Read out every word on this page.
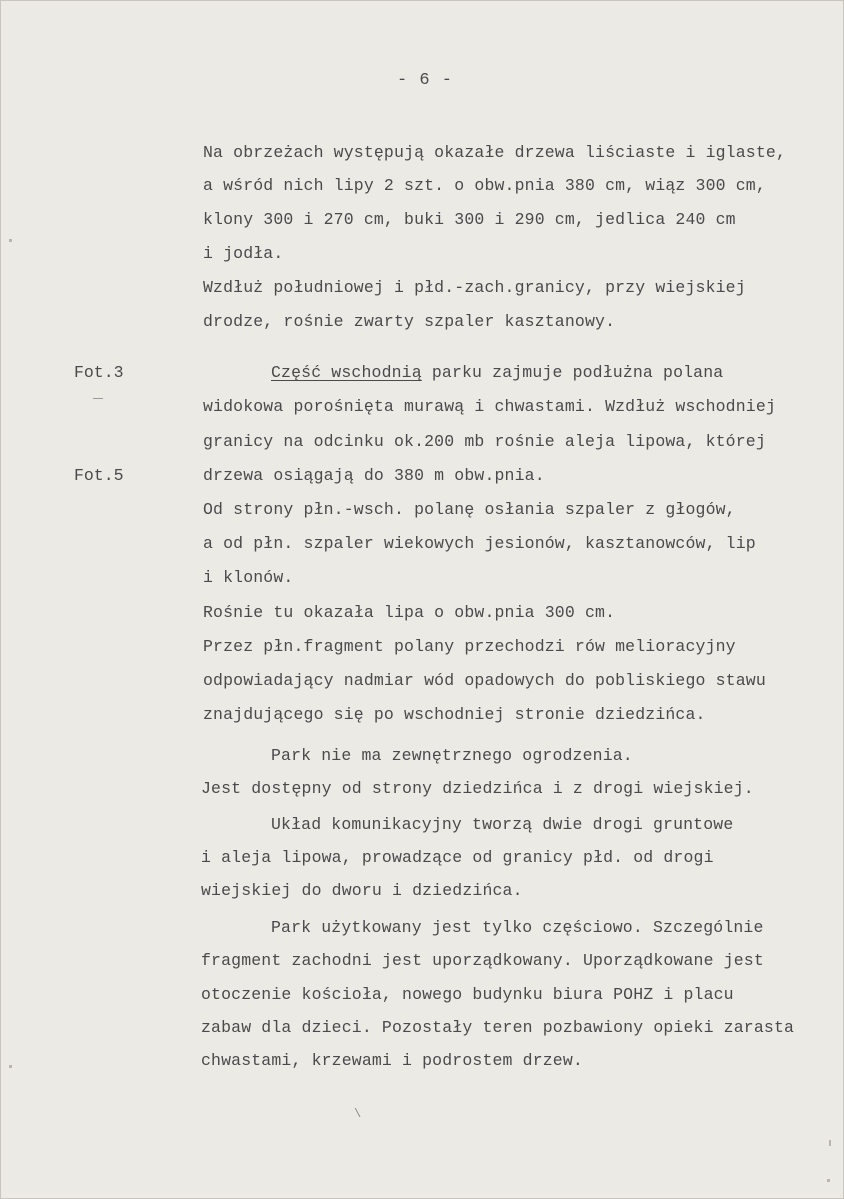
- 6 -
Fot.3
Fot.5
Na obrzeżach występują okazałe drzewa liściaste i iglaste,
a wśród nich lipy 2 szt. o obw.pnia 380 cm, wiąz 300 cm,
klony 300 i 270 cm, buki 300 i 290 cm, jedlica 240 cm
i jodła.
Wzdłuż południowej i płd.-zach.granicy, przy wiejskiej
drodze, rośnie zwarty szpaler kasztanowy.
Część wschodnią parku zajmuje podłużna polana
widokowa porośnięta murawą i chwastami. Wzdłuż wschodniej
granicy na odcinku ok.200 mb rośnie aleja lipowa, której
drzewa osiągają do 380 m obw.pnia.
Od strony płn.-wsch. polanę osłania szpaler z głogów,
a od płn. szpaler wiekowych jesionów, kasztanowców, lip
i klonów.
Rośnie tu okazała lipa o obw.pnia 300 cm.
Przez płn.fragment polany przechodzi rów melioracyjny
odpowiadający nadmiar wód opadowych do pobliskiego stawu
znajdującego się po wschodniej stronie dziedzińca.
Park nie ma zewnętrznego ogrodzenia.
Jest dostępny od strony dziedzińca i z drogi wiejskiej.
Układ komunikacyjny tworzą dwie drogi gruntowe
i aleja lipowa, prowadzące od granicy płd. od drogi
wiejskiej do dworu i dziedzińca.
Park użytkowany jest tylko częściowo. Szczególnie
fragment zachodni jest uporządkowany. Uporządkowane jest
otoczenie kościoła, nowego budynku biura POHZ i placu
zabaw dla dzieci. Pozostały teren pozbawiony opieki zarasta
chwastami, krzewami i podrostem drzew.
\
